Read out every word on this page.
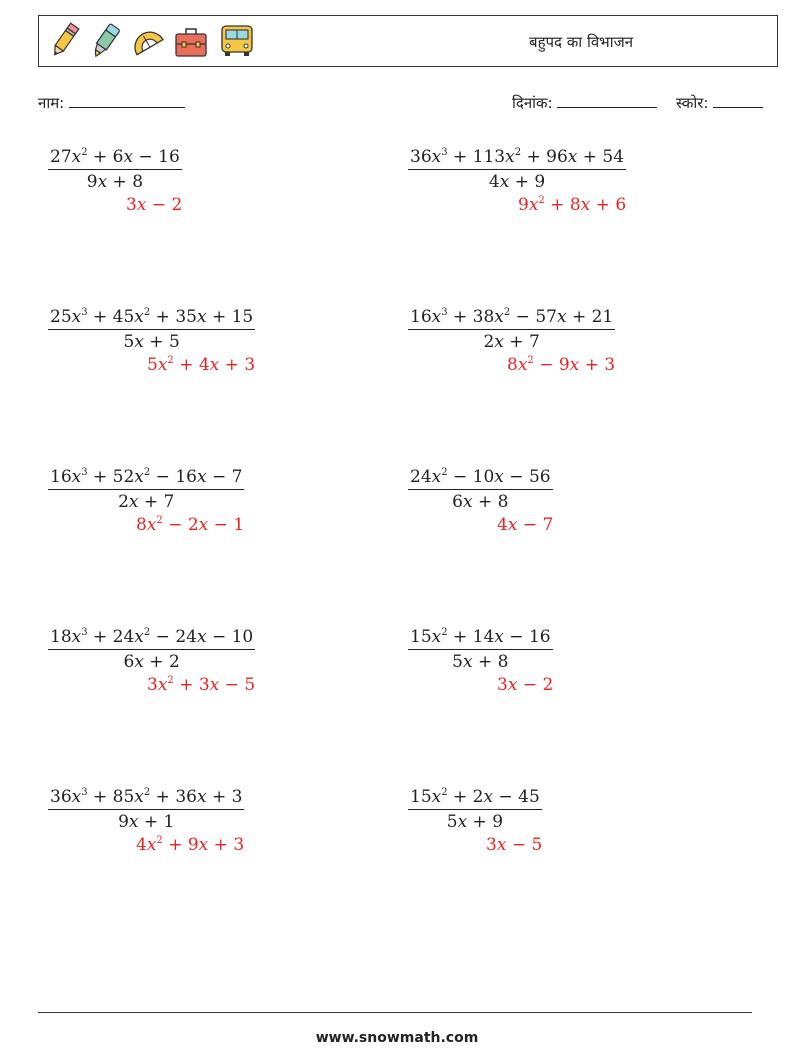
बहुपद का विभाजन
नाम:	दिनांक:	स्कोर:
$\frac{27x^2 + 6x - 16}{9x + 8}$
3x − 2
$\frac{36x^3 + 113x^2 + 96x + 54}{4x + 9}$
$9x^2 + 8x + 6$
$\frac{25x^3 + 45x^2 + 35x + 15}{5x + 5}$
$5x^2 + 4x + 3$
$\frac{16x^3 + 38x^2 - 57x + 21}{2x + 7}$
$8x^2 - 9x + 3$
$\frac{16x^3 + 52x^2 - 16x - 7}{2x + 7}$
$8x^2 - 2x - 1$
$\frac{24x^2 - 10x - 56}{6x + 8}$
4x − 7
$\frac{18x^3 + 24x^2 - 24x - 10}{6x + 2}$
$3x^2 + 3x - 5$
$\frac{15x^2 + 14x - 16}{5x + 8}$
3x − 2
$\frac{36x^3 + 85x^2 + 36x + 3}{9x + 1}$
$4x^2 + 9x + 3$
$\frac{15x^2 + 2x - 45}{5x + 9}$
3x − 5
www.snowmath.com
